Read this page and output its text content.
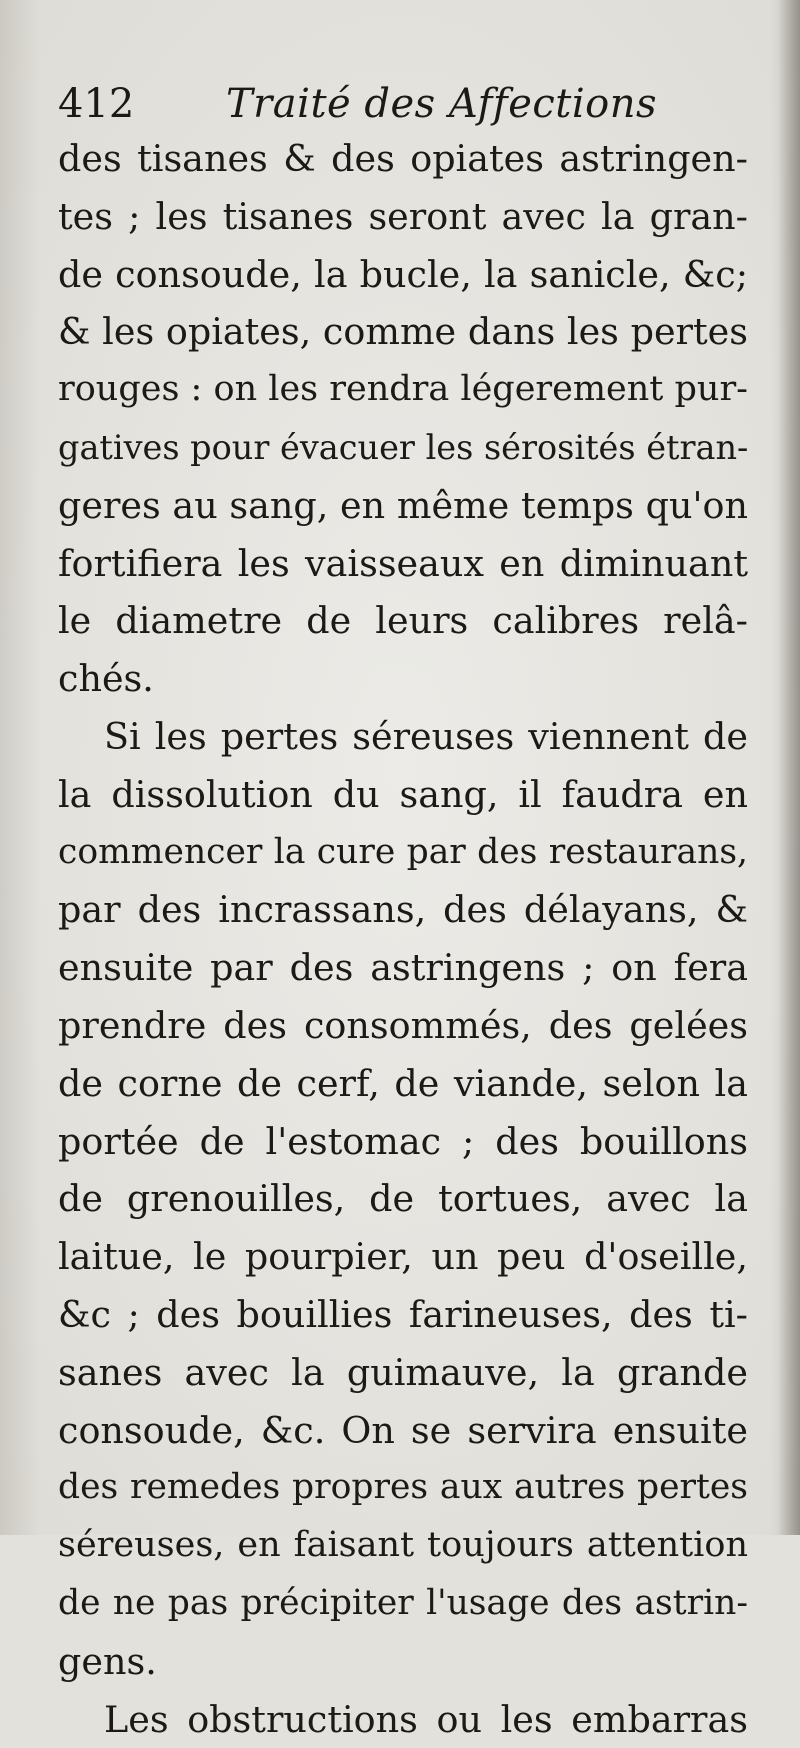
412 Traité des Affections
des tisanes & des opiates astringen-
tes ; les tisanes seront avec la gran-
de consoude, la bucle, la sanicle, &c;
& les opiates, comme dans les pertes
rouges : on les rendra légerement pur-
gatives pour évacuer les sérosités étran-
geres au sang, en même temps qu'on
fortifiera les vaisseaux en diminuant
le diametre de leurs calibres relâ-
chés.
Si les pertes séreuses viennent de
la dissolution du sang, il faudra en
commencer la cure par des restaurans,
par des incrassans, des délayans, &
ensuite par des astringens ; on fera
prendre des consommés, des gelées
de corne de cerf, de viande, selon la
portée de l'estomac ; des bouillons
de grenouilles, de tortues, avec la
laitue, le pourpier, un peu d'oseille,
&c ; des bouillies farineuses, des ti-
sanes avec la guimauve, la grande
consoude, &c. On se servira ensuite
des remedes propres aux autres pertes
séreuses, en faisant toujours attention
de ne pas précipiter l'usage des astrin-
gens.
Les obstructions ou les embarras
